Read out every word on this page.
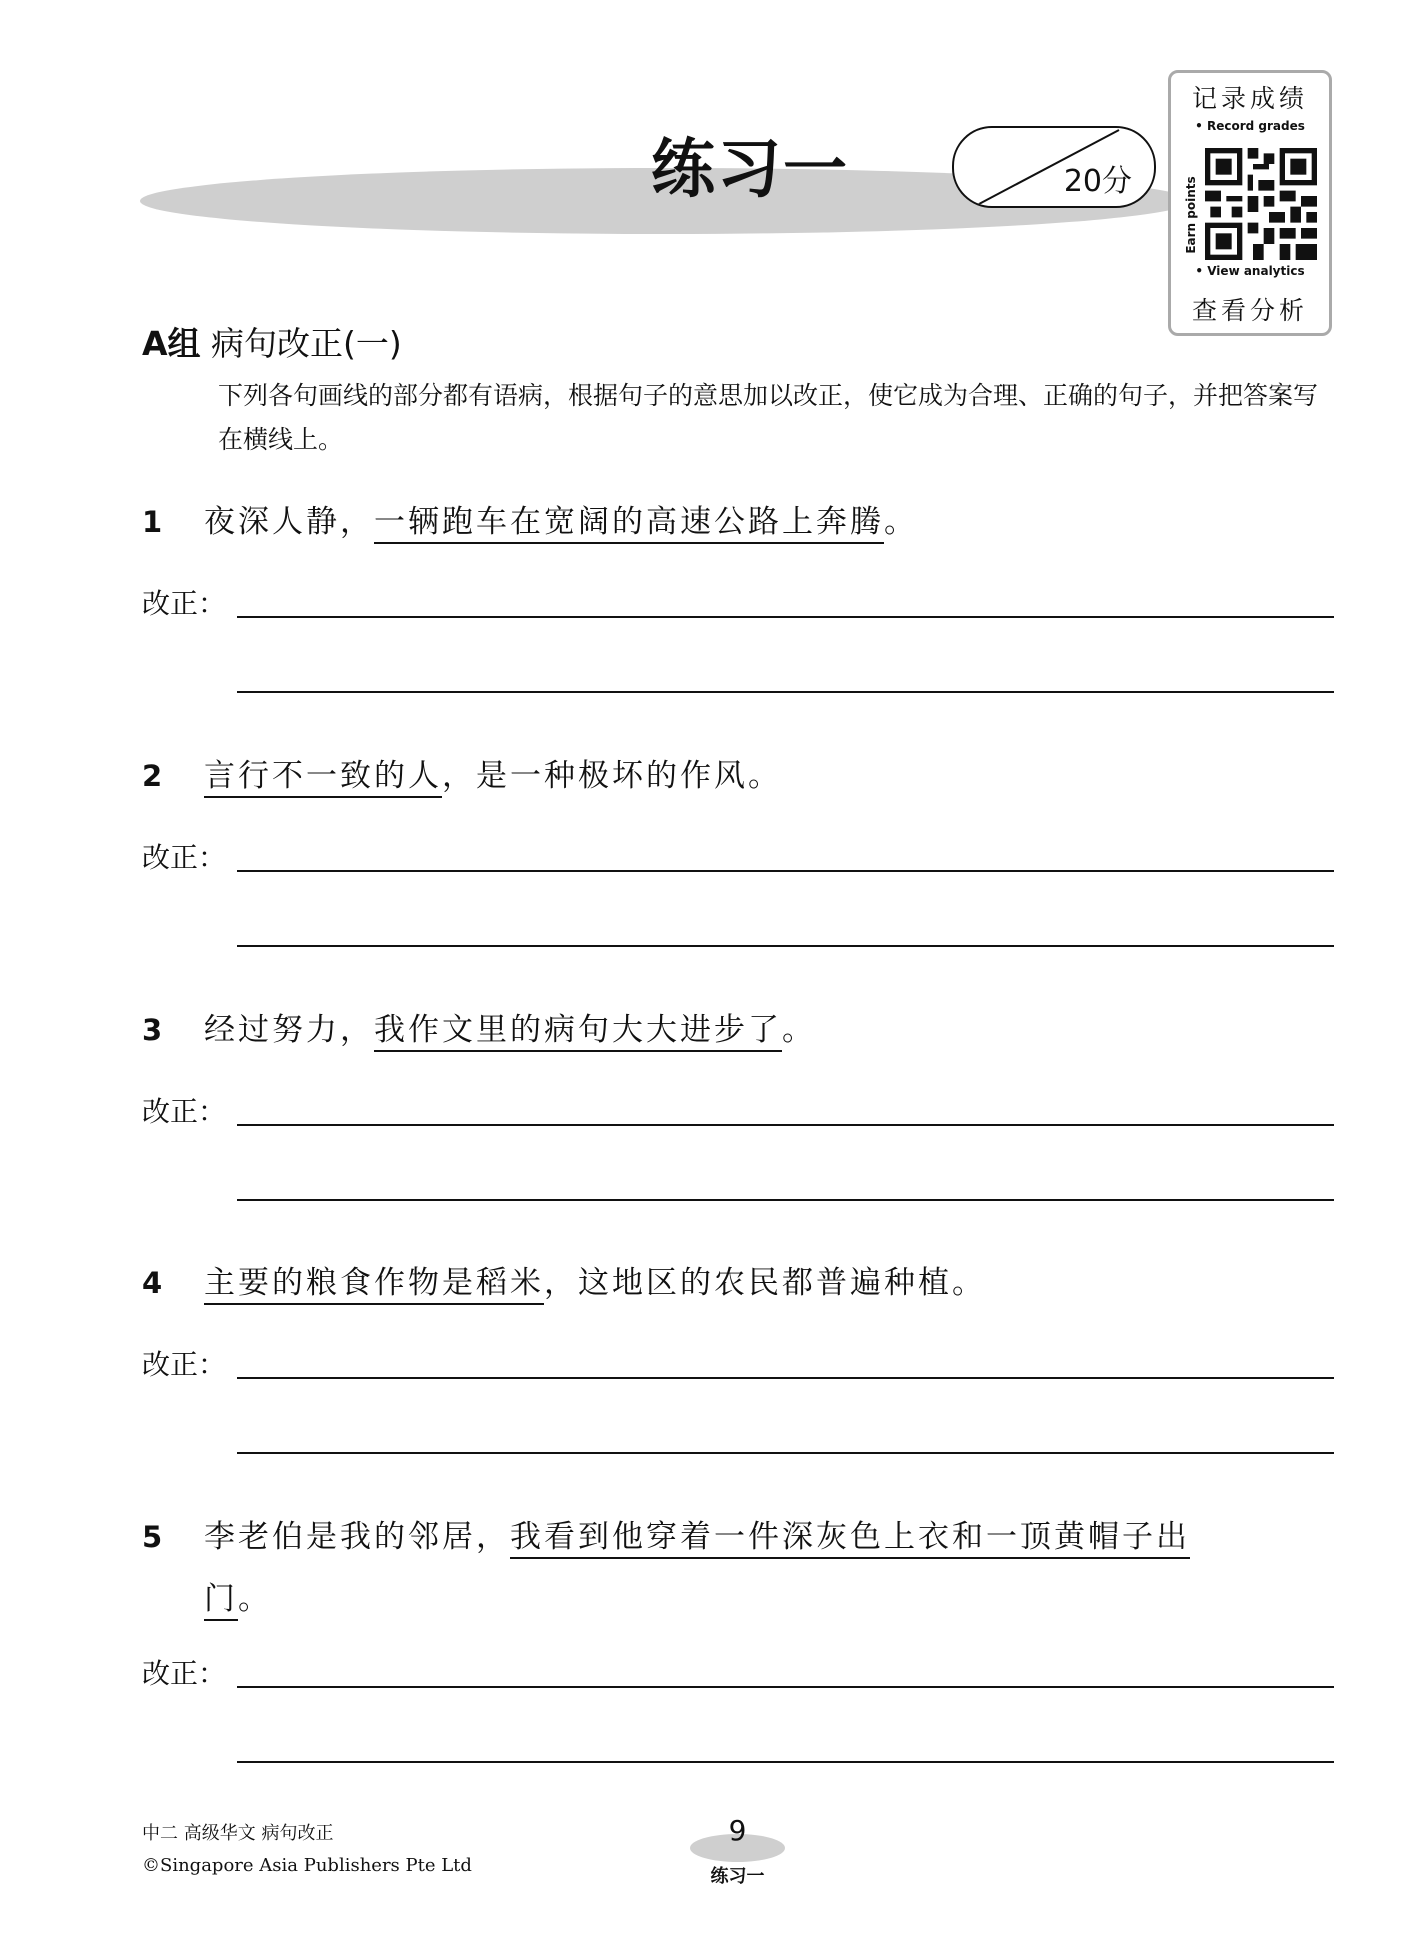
练习一	20分
记录成绩
• Record grades
Earn points
• View analytics
查看分析
A组 病句改正(一)
下列各句画线的部分都有语病，根据句子的意思加以改正，使它成为合理、正确的句子，并把答案写在横线上。
1 夜深人静，一辆跑车在宽阔的高速公路上奔腾。
改正：
2 言行不一致的人，是一种极坏的作风。
改正：
3 经过努力，我作文里的病句大大进步了。
改正：
4 主要的粮食作物是稻米，这地区的农民都普遍种植。
改正：
5 李老伯是我的邻居，我看到他穿着一件深灰色上衣和一顶黄帽子出
门。
改正：
中二 高级华文 病句改正
©Singapore Asia Publishers Pte Ltd
9
练习一
